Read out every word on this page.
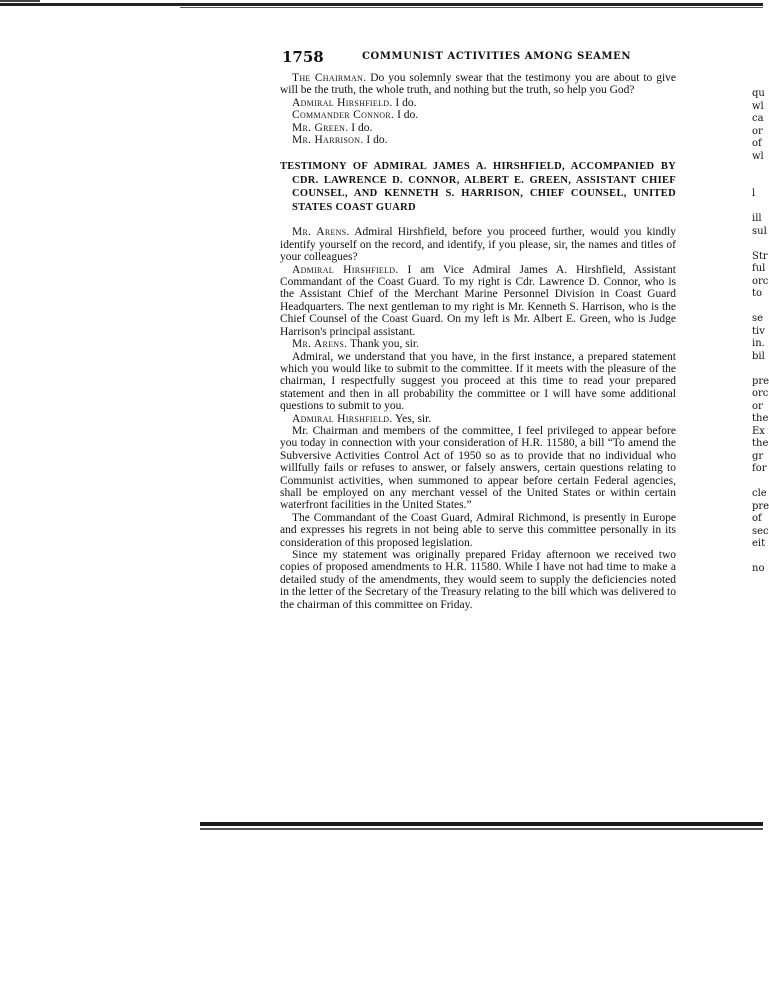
1758	COMMUNIST ACTIVITIES AMONG SEAMEN

The Chairman. Do you solemnly swear that the testimony you are about to give will be the truth, the whole truth, and nothing but the truth, so help you God?

Admiral Hirshfield. I do.

Commander Connor. I do.

Mr. Green. I do.

Mr. Harrison. I do.

TESTIMONY OF ADMIRAL JAMES A. HIRSHFIELD, ACCOMPANIED BY CDR. LAWRENCE D. CONNOR, ALBERT E. GREEN, ASSISTANT CHIEF COUNSEL, AND KENNETH S. HARRISON, CHIEF COUNSEL, UNITED STATES COAST GUARD

Mr. Arens. Admiral Hirshfield, before you proceed further, would you kindly identify yourself on the record, and identify, if you please, sir, the names and titles of your colleagues?

Admiral Hirshfield. I am Vice Admiral James A. Hirshfield, Assistant Commandant of the Coast Guard. To my right is Cdr. Lawrence D. Connor, who is the Assistant Chief of the Merchant Marine Personnel Division in Coast Guard Headquarters. The next gentleman to my right is Mr. Kenneth S. Harrison, who is the Chief Counsel of the Coast Guard. On my left is Mr. Albert E. Green, who is Judge Harrison's principal assistant.

Mr. Arens. Thank you, sir.

Admiral, we understand that you have, in the first instance, a prepared statement which you would like to submit to the committee. If it meets with the pleasure of the chairman, I respectfully suggest you proceed at this time to read your prepared statement and then in all probability the committee or I will have some additional questions to submit to you.

Admiral Hirshfield. Yes, sir.

Mr. Chairman and members of the committee, I feel privileged to appear before you today in connection with your consideration of H.R. 11580, a bill “To amend the Subversive Activities Control Act of 1950 so as to provide that no individual who willfully fails or refuses to answer, or falsely answers, certain questions relating to Communist activities, when summoned to appear before certain Federal agencies, shall be employed on any merchant vessel of the United States or within certain waterfront facilities in the United States.”

The Commandant of the Coast Guard, Admiral Richmond, is presently in Europe and expresses his regrets in not being able to serve this committee personally in its consideration of this proposed legislation.

Since my statement was originally prepared Friday afternoon we received two copies of proposed amendments to H.R. 11580. While I have not had time to make a detailed study of the amendments, they would seem to supply the deficiencies noted in the letter of the Secretary of the Treasury relating to the bill which was delivered to the chairman of this committee on Friday.

qu
wl
ca
or
of
wl
l
ill
sul
Str
ful
orc
to
se
tiv
in.
bil
pre
orc
or
the
Ex
the
gr
for
cle
pre
of
sec
eit
no
